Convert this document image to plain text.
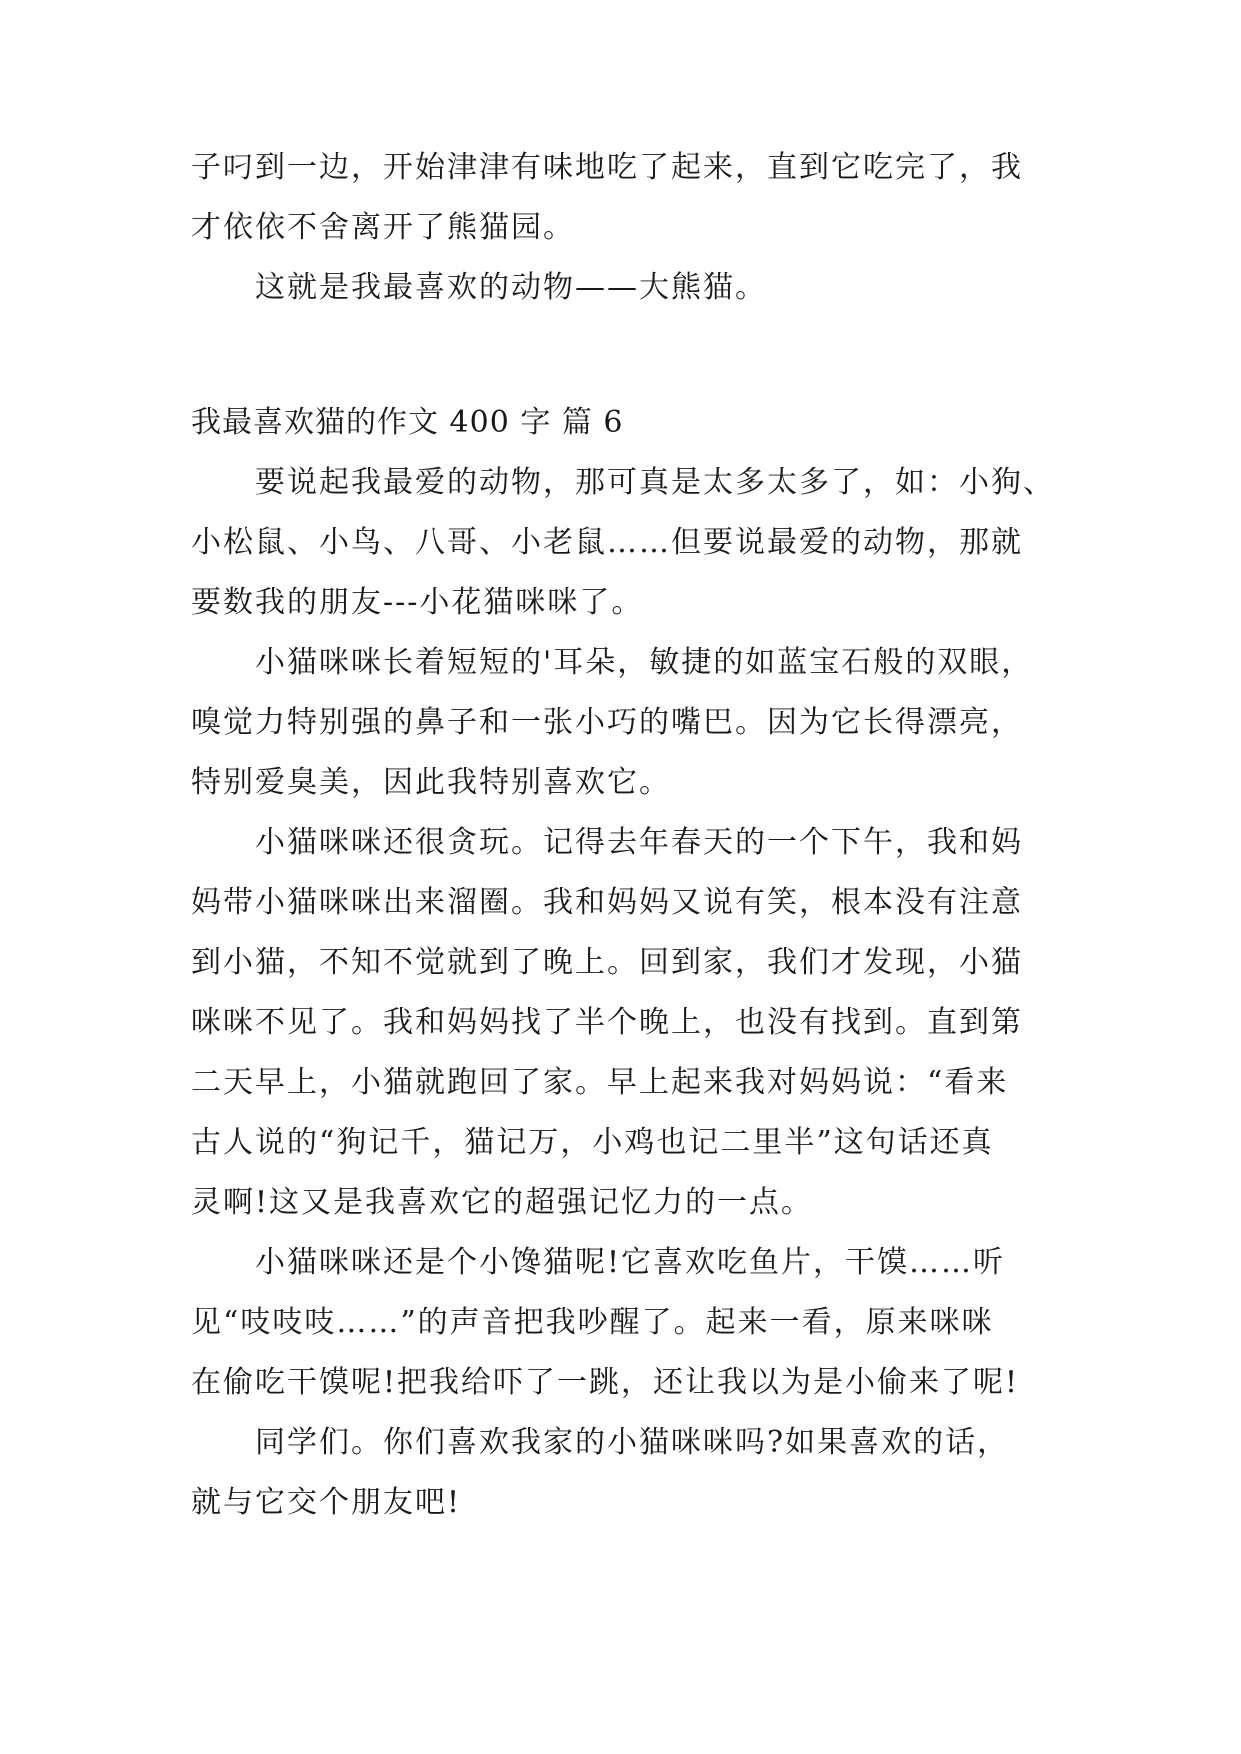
子叼到一边，开始津津有味地吃了起来，直到它吃完了，我
才依依不舍离开了熊猫园。
这就是我最喜欢的动物——大熊猫。
我最喜欢猫的作文 400 字 篇 6
要说起我最爱的动物，那可真是太多太多了，如：小狗、
小松鼠、小鸟、八哥、小老鼠……但要说最爱的动物，那就
要数我的朋友---小花猫咪咪了。
小猫咪咪长着短短的'耳朵，敏捷的如蓝宝石般的双眼，
嗅觉力特别强的鼻子和一张小巧的嘴巴。因为它长得漂亮，
特别爱臭美，因此我特别喜欢它。
小猫咪咪还很贪玩。记得去年春天的一个下午，我和妈
妈带小猫咪咪出来溜圈。我和妈妈又说有笑，根本没有注意
到小猫，不知不觉就到了晚上。回到家，我们才发现，小猫
咪咪不见了。我和妈妈找了半个晚上，也没有找到。直到第
二天早上，小猫就跑回了家。早上起来我对妈妈说：“看来
古人说的“狗记千，猫记万，小鸡也记二里半”这句话还真
灵啊!这又是我喜欢它的超强记忆力的一点。
小猫咪咪还是个小馋猫呢!它喜欢吃鱼片，干馍……听
见“吱吱吱……”的声音把我吵醒了。起来一看，原来咪咪
在偷吃干馍呢!把我给吓了一跳，还让我以为是小偷来了呢!
同学们。你们喜欢我家的小猫咪咪吗?如果喜欢的话，
就与它交个朋友吧!
